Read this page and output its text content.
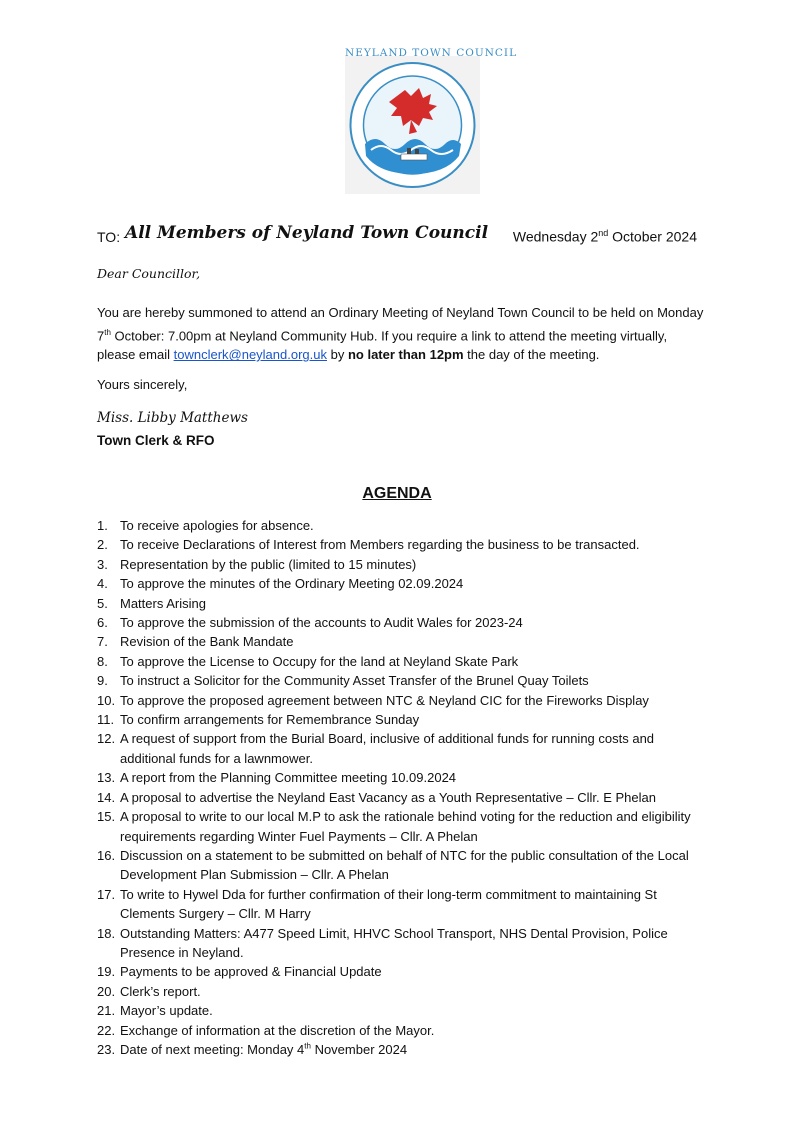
NEYLAND TOWN COUNCIL
TO: All Members of Neyland Town Council Wednesday 2nd October 2024
Dear Councillor,
You are hereby summoned to attend an Ordinary Meeting of Neyland Town Council to be held on Monday 7th October: 7.00pm at Neyland Community Hub. If you require a link to attend the meeting virtually, please email townclerk@neyland.org.uk by no later than 12pm the day of the meeting.
Yours sincerely,
Miss. Libby Matthews
Town Clerk & RFO
AGENDA
1. To receive apologies for absence.
2. To receive Declarations of Interest from Members regarding the business to be transacted.
3. Representation by the public (limited to 15 minutes)
4. To approve the minutes of the Ordinary Meeting 02.09.2024
5. Matters Arising
6. To approve the submission of the accounts to Audit Wales for 2023-24
7. Revision of the Bank Mandate
8. To approve the License to Occupy for the land at Neyland Skate Park
9. To instruct a Solicitor for the Community Asset Transfer of the Brunel Quay Toilets
10. To approve the proposed agreement between NTC & Neyland CIC for the Fireworks Display
11. To confirm arrangements for Remembrance Sunday
12. A request of support from the Burial Board, inclusive of additional funds for running costs and additional funds for a lawnmower.
13. A report from the Planning Committee meeting 10.09.2024
14. A proposal to advertise the Neyland East Vacancy as a Youth Representative – Cllr. E Phelan
15. A proposal to write to our local M.P to ask the rationale behind voting for the reduction and eligibility requirements regarding Winter Fuel Payments – Cllr. A Phelan
16. Discussion on a statement to be submitted on behalf of NTC for the public consultation of the Local Development Plan Submission – Cllr. A Phelan
17. To write to Hywel Dda for further confirmation of their long-term commitment to maintaining St Clements Surgery – Cllr. M Harry
18. Outstanding Matters: A477 Speed Limit, HHVC School Transport, NHS Dental Provision, Police Presence in Neyland.
19. Payments to be approved & Financial Update
20. Clerk’s report.
21. Mayor’s update.
22. Exchange of information at the discretion of the Mayor.
23. Date of next meeting: Monday 4th November 2024
